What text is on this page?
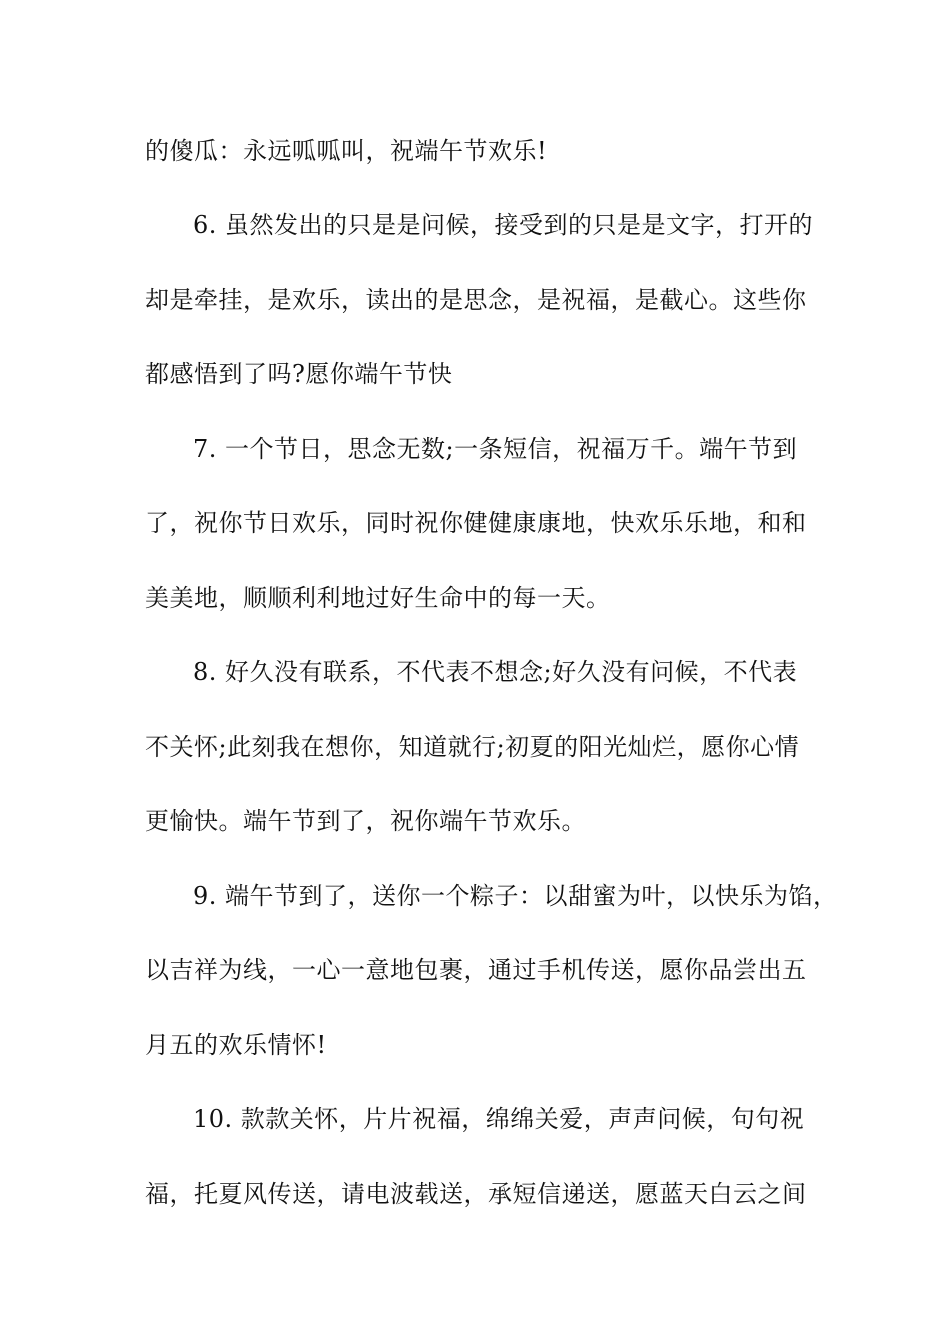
的傻瓜：永远呱呱叫，祝端午节欢乐!
6. 虽然发出的只是是问候，接受到的只是是文字，打开的
却是牵挂，是欢乐，读出的是思念，是祝福，是截心。这些你
都感悟到了吗?愿你端午节快
7. 一个节日，思念无数;一条短信，祝福万千。端午节到
了，祝你节日欢乐，同时祝你健健康康地，快欢乐乐地，和和
美美地，顺顺利利地过好生命中的每一天。
8. 好久没有联系，不代表不想念;好久没有问候，不代表
不关怀;此刻我在想你，知道就行;初夏的阳光灿烂，愿你心情
更愉快。端午节到了，祝你端午节欢乐。
9. 端午节到了，送你一个粽子：以甜蜜为叶，以快乐为馅，
以吉祥为线，一心一意地包裹，通过手机传送，愿你品尝出五
月五的欢乐情怀!
10. 款款关怀，片片祝福，绵绵关爱，声声问候，句句祝
福，托夏风传送，请电波载送，承短信递送，愿蓝天白云之间
